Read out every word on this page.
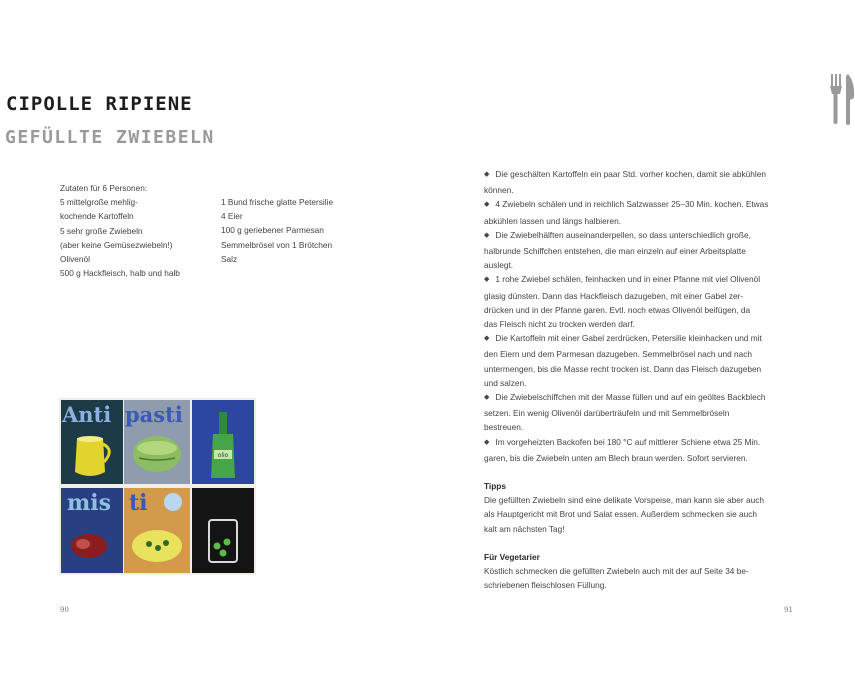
CIPOLLE RIPIENE
GEFÜLLTE ZWIEBELN
Zutaten für 6 Personen:
5 mittelgroße mehlig-
kochende Kartoffeln
5 sehr große Zwiebeln
(aber keine Gemüsezwiebeln!)
Olivenöl
500 g Hackfleisch, halb und halb
1 Bund frische glatte Petersilie
4 Eier
100 g geriebener Parmesan
Semmelbrösel von 1 Brötchen
Salz
olio
Anti pasti
mis ti
90	91
◆ Die geschälten Kartoffeln ein paar Std. vorher kochen, damit sie abkühlen
können.
◆ 4 Zwiebeln schälen und in reichlich Salzwasser 25–30 Min. kochen. Etwas
abkühlen lassen und längs halbieren.
◆ Die Zwiebelhälften auseinanderpellen, so dass unterschiedlich große,
halbrunde Schiffchen entstehen, die man einzeln auf einer Arbeitsplatte
auslegt.
◆ 1 rohe Zwiebel schälen, feinhacken und in einer Pfanne mit viel Olivenöl
glasig dünsten. Dann das Hackfleisch dazugeben, mit einer Gabel zer-
drücken und in der Pfanne garen. Evtl. noch etwas Olivenöl beifügen, da
das Fleisch nicht zu trocken werden darf.
◆ Die Kartoffeln mit einer Gabel zerdrücken, Petersilie kleinhacken und mit
den Eiern und dem Parmesan dazugeben. Semmelbrösel nach und nach
untermengen, bis die Masse recht trocken ist. Dann das Fleisch dazugeben
und salzen.
◆ Die Zwiebelschiffchen mit der Masse füllen und auf ein geöltes Backblech
setzen. Ein wenig Olivenöl darüberträufeln und mit Semmelbröseln
bestreuen.
◆ Im vorgeheizten Backofen bei 180 °C auf mittlerer Schiene etwa 25 Min.
garen, bis die Zwiebeln unten am Blech braun werden. Sofort servieren.
Tipps
Die gefüllten Zwiebeln sind eine delikate Vorspeise, man kann sie aber auch
als Hauptgericht mit Brot und Salat essen. Außerdem schmecken sie auch
kalt am nächsten Tag!
Für Vegetarier
Köstlich schmecken die gefüllten Zwiebeln auch mit der auf Seite 34 be-
schriebenen fleischlosen Füllung.
